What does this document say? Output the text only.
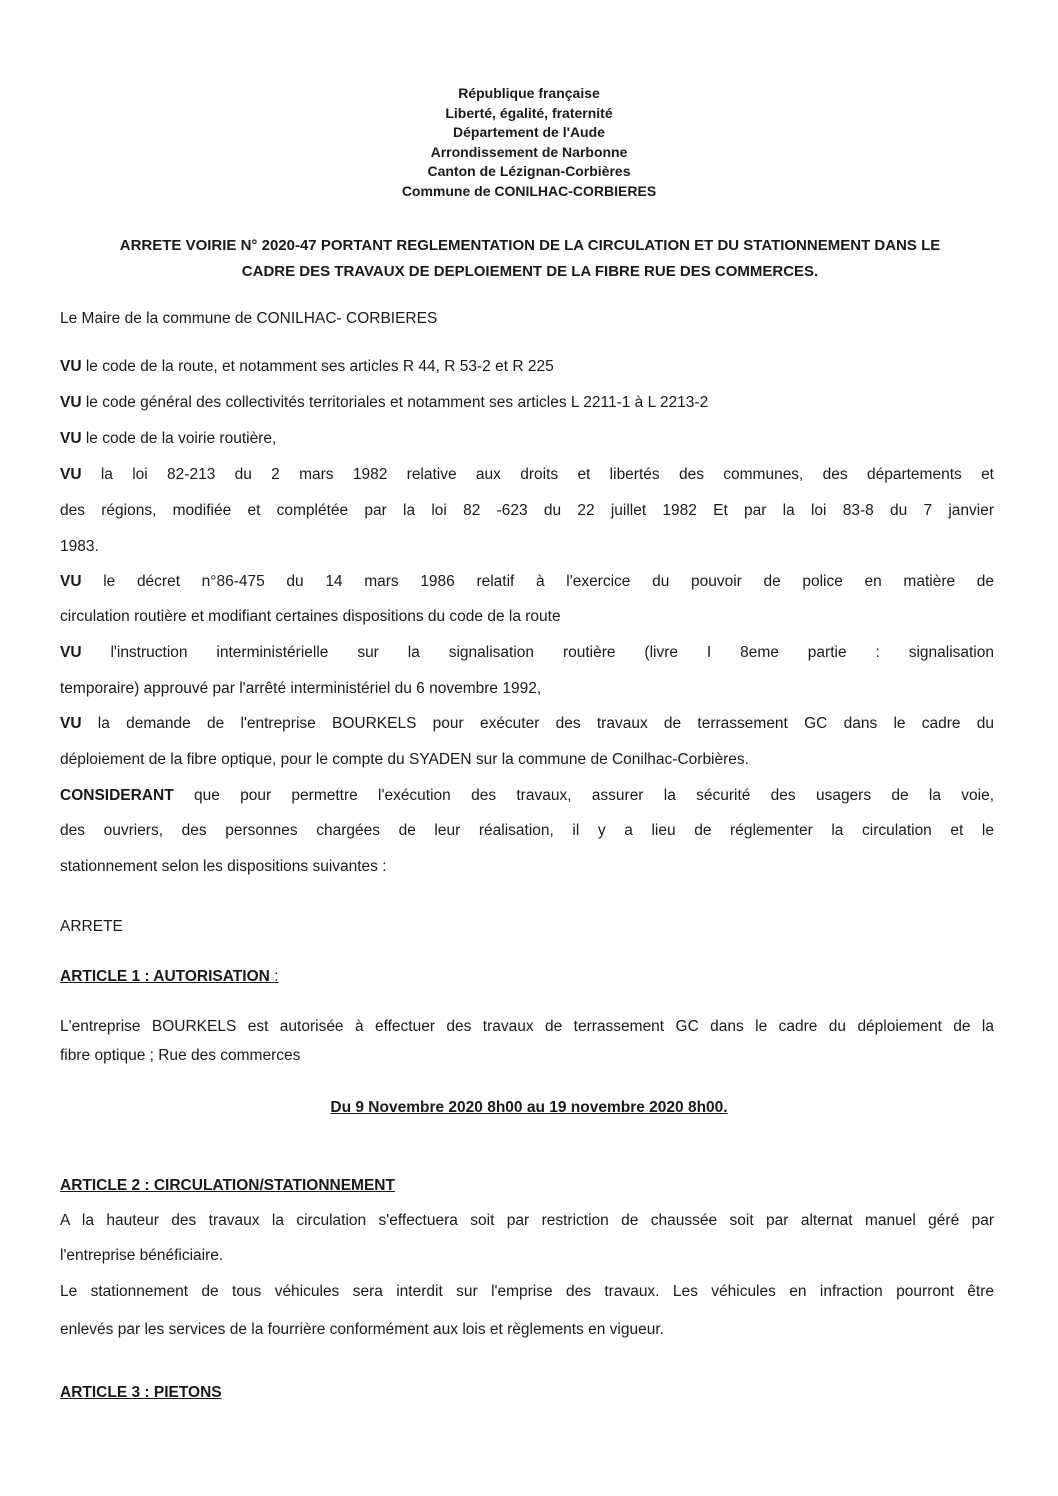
République française
Liberté, égalité, fraternité
Département de l'Aude
Arrondissement de Narbonne
Canton de Lézignan-Corbières
Commune de CONILHAC-CORBIERES
ARRETE VOIRIE N° 2020-47 PORTANT REGLEMENTATION DE LA CIRCULATION ET DU STATIONNEMENT DANS LE
CADRE DES TRAVAUX DE DEPLOIEMENT DE LA FIBRE RUE DES COMMERCES.

Le Maire de la commune de CONILHAC- CORBIERES

VU le code de la route, et notamment ses articles R 44, R 53-2 et R 225

VU le code général des collectivités territoriales et notamment ses articles L 2211-1 à L 2213-2

VU le code de la voirie routière,

VU la loi 82-213 du 2 mars 1982 relative aux droits et libertés des communes, des départements et

des régions, modifiée et complétée par la loi 82 -623 du 22 juillet 1982 Et par la loi 83-8 du 7 janvier

1983.

VU le décret n°86-475 du 14 mars 1986 relatif à l'exercice du pouvoir de police en matière de

circulation routière et modifiant certaines dispositions du code de la route

VU l'instruction interministérielle sur la signalisation routière (livre I 8eme partie : signalisation

temporaire) approuvé par l'arrêté interministériel du 6 novembre 1992,

VU la demande de l'entreprise BOURKELS pour exécuter des travaux de terrassement GC dans le cadre du

déploiement de la fibre optique, pour le compte du SYADEN sur la commune de Conilhac-Corbières.

CONSIDERANT que pour permettre l'exécution des travaux, assurer la sécurité des usagers de la voie,

des ouvriers, des personnes chargées de leur réalisation, il y a lieu de réglementer la circulation et le

stationnement selon les dispositions suivantes :

ARRETE

ARTICLE 1 : AUTORISATION :

L'entreprise BOURKELS est autorisée à effectuer des travaux de terrassement GC dans le cadre du déploiement de la

fibre optique ; Rue des commerces

Du 9 Novembre 2020 8h00 au 19 novembre 2020 8h00.
ARTICLE 2 : CIRCULATION/STATIONNEMENT

A la hauteur des travaux la circulation s'effectuera soit par restriction de chaussée soit par alternat manuel géré par

l'entreprise bénéficiaire.

Le stationnement de tous véhicules sera interdit sur l'emprise des travaux. Les véhicules en infraction pourront être

enlevés par les services de la fourrière conformément aux lois et règlements en vigueur.

ARTICLE 3 : PIETONS
